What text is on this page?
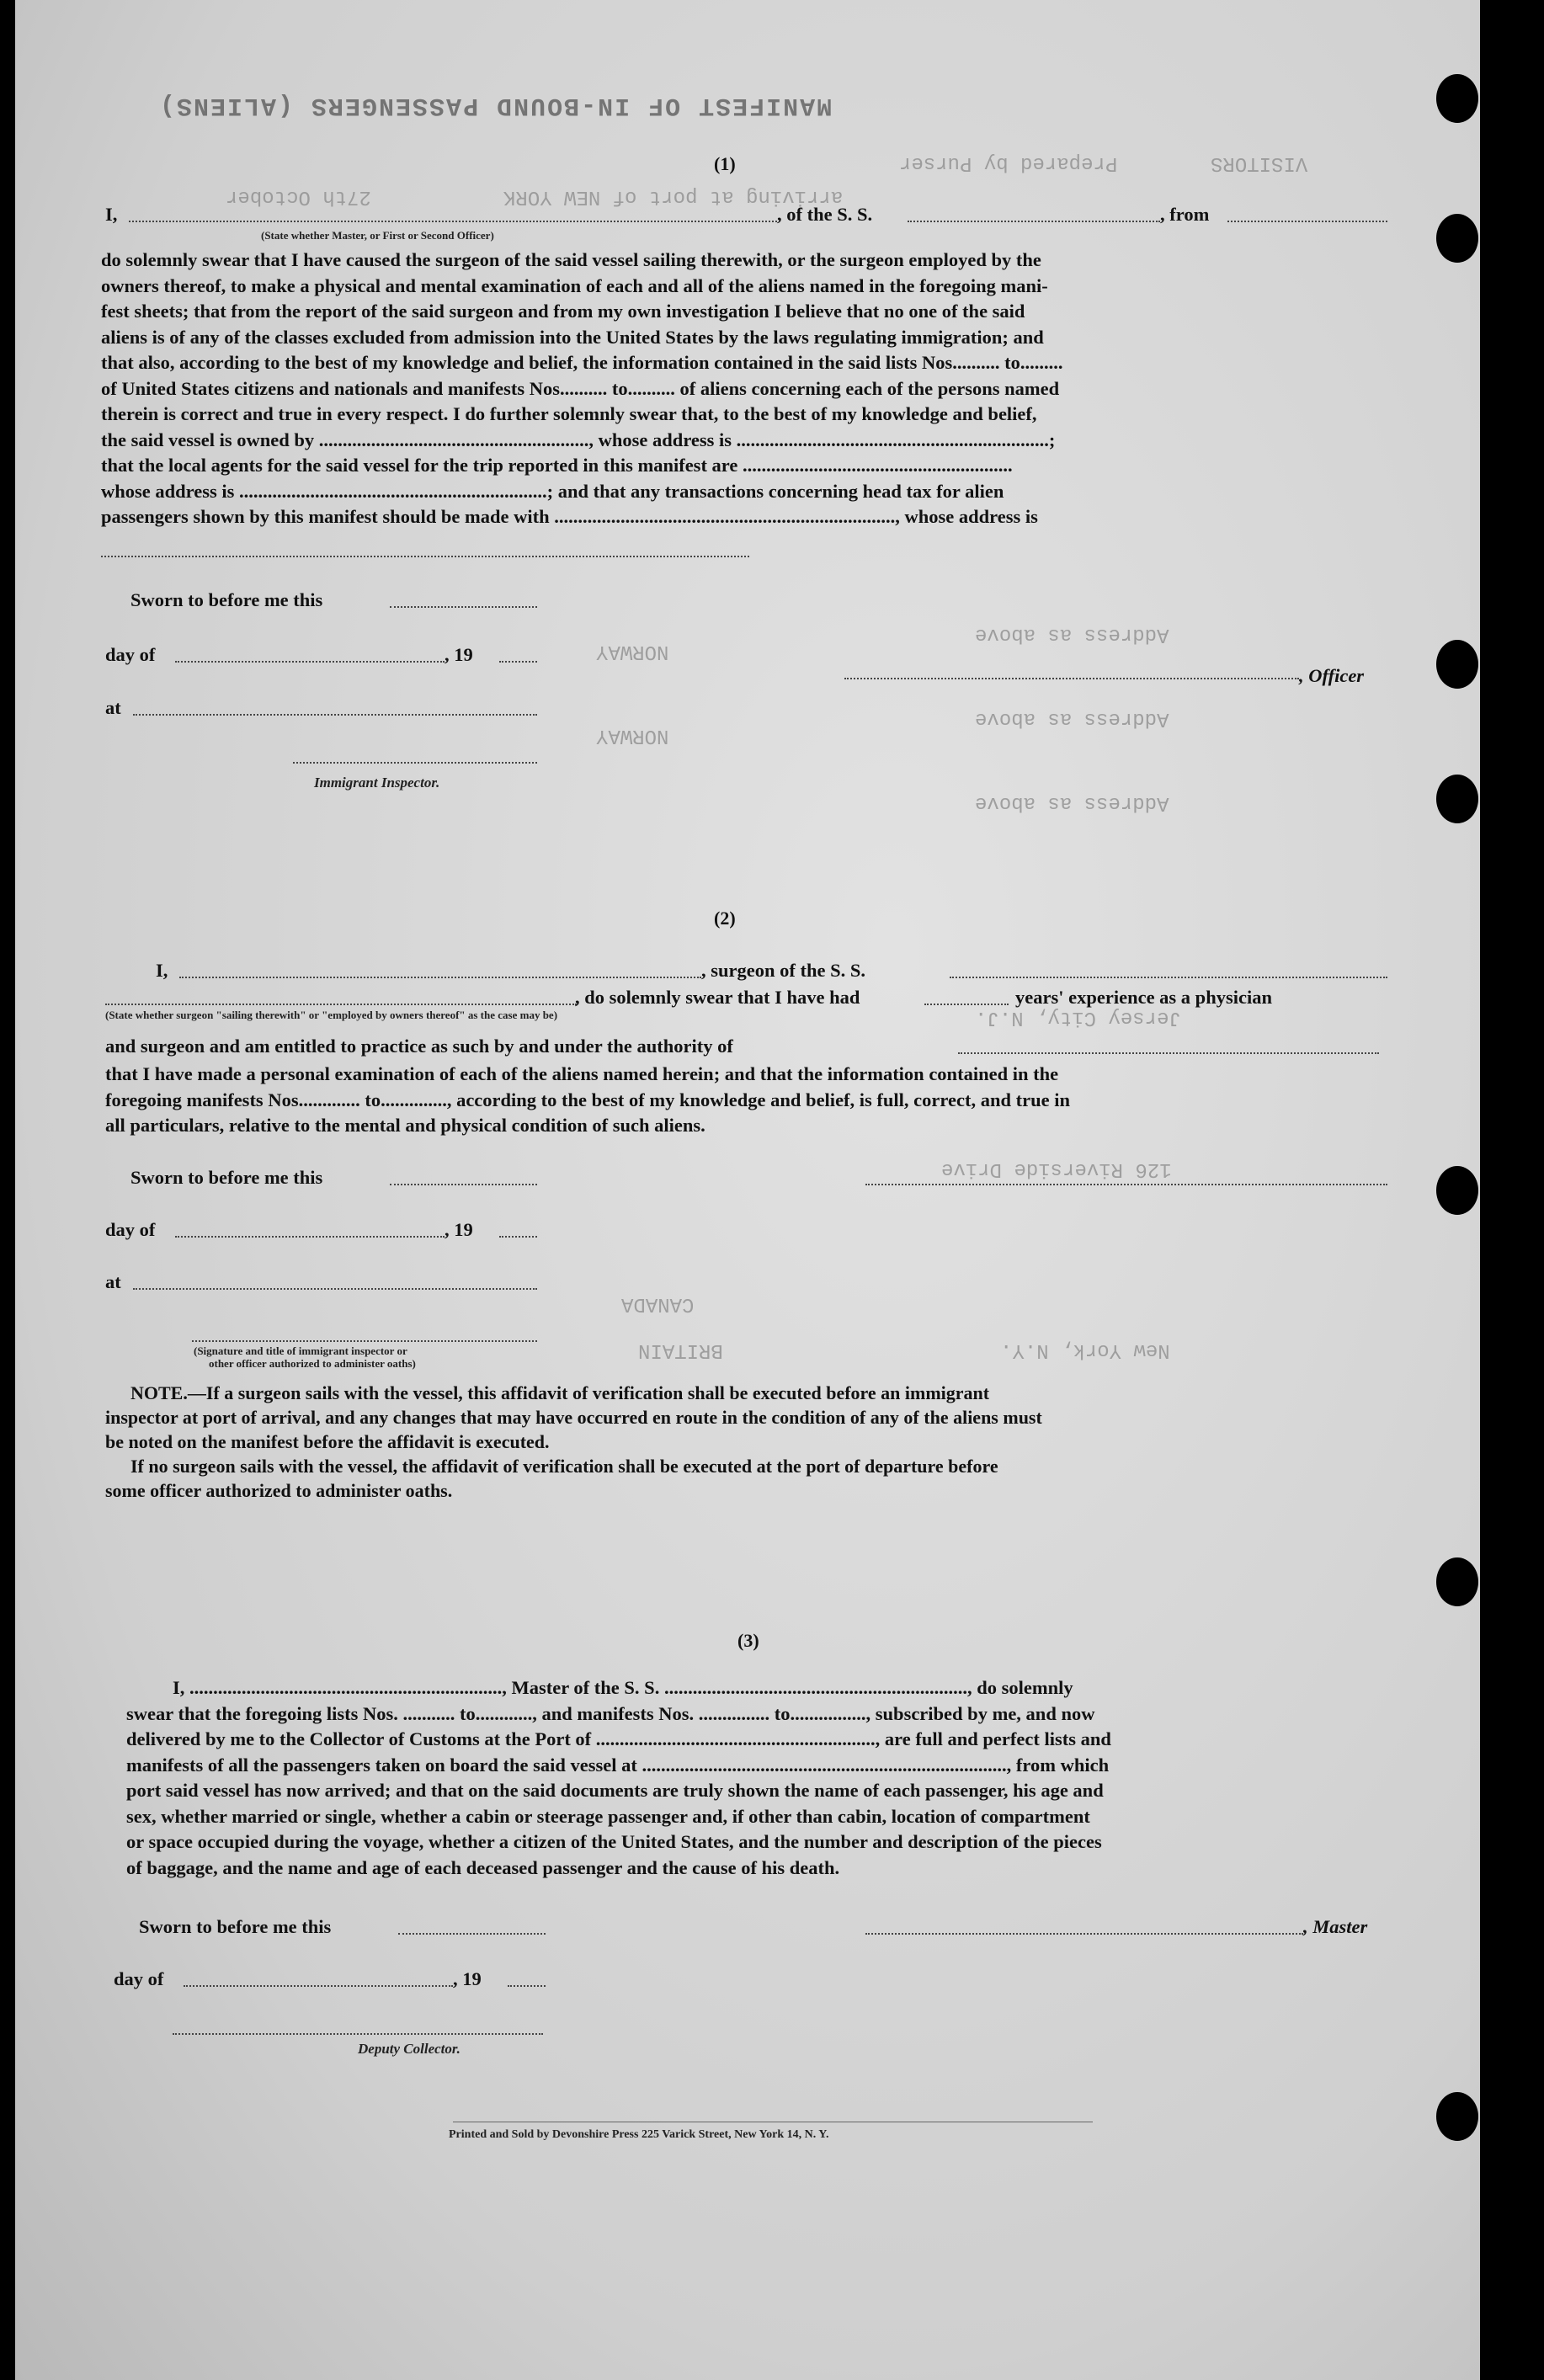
MANIFEST OF IN-BOUND PASSENGERS (ALIENS)
Prepared by Purser	VISITORS
arriving at port of NEW YORK
27th October
Address as above
NORWAY
Address as above
NORWAY
Jersey City, N.J.
Address as above
126 Riverside Drive
CANADA
New York, N.Y.
BRITAIN
(1)
I,	, of the S. S.	, from
(State whether Master, or First or Second Officer)
do solemnly swear that I have caused the surgeon of the said vessel sailing therewith, or the surgeon employed by the
owners thereof, to make a physical and mental examination of each and all of the aliens named in the foregoing mani-
fest sheets; that from the report of the said surgeon and from my own investigation I believe that no one of the said
aliens is of any of the classes excluded from admission into the United States by the laws regulating immigration; and
that also, according to the best of my knowledge and belief, the information contained in the said lists Nos.......... to.........
of United States citizens and nationals and manifests Nos.......... to.......... of aliens concerning each of the persons named
therein is correct and true in every respect. I do further solemnly swear that, to the best of my knowledge and belief,
the said vessel is owned by ........................................................., whose address is ..................................................................;
that the local agents for the said vessel for the trip reported in this manifest are .........................................................
whose address is .................................................................; and that any transactions concerning head tax for alien
passengers shown by this manifest should be made with ........................................................................, whose address is
Sworn to before me this
day of	, 19
, Officer
at
Immigrant Inspector.
(2)
I,	, surgeon of the S. S.
, do solemnly swear that I have had	years' experience as a physician
(State whether surgeon "sailing therewith" or "employed by owners thereof" as the case may be)
and surgeon and am entitled to practice as such by and under the authority of
that I have made a personal examination of each of the aliens named herein; and that the information contained in the
foregoing manifests Nos............. to.............., according to the best of my knowledge and belief, is full, correct, and true in
all particulars, relative to the mental and physical condition of such aliens.
Sworn to before me this
day of	, 19
at
(Signature and title of immigrant inspector or
other officer authorized to administer oaths)
NOTE.—If a surgeon sails with the vessel, this affidavit of verification shall be executed before an immigrant
inspector at port of arrival, and any changes that may have occurred en route in the condition of any of the aliens must
be noted on the manifest before the affidavit is executed.
If no surgeon sails with the vessel, the affidavit of verification shall be executed at the port of departure before
some officer authorized to administer oaths.
(3)
I, .................................................................., Master of the S. S. ................................................................, do solemnly
swear that the foregoing lists Nos. ........... to............, and manifests Nos. ............... to................, subscribed by me, and now
delivered by me to the Collector of Customs at the Port of ..........................................................., are full and perfect lists and
manifests of all the passengers taken on board the said vessel at ............................................................................., from which
port said vessel has now arrived; and that on the said documents are truly shown the name of each passenger, his age and
sex, whether married or single, whether a cabin or steerage passenger and, if other than cabin, location of compartment
or space occupied during the voyage, whether a citizen of the United States, and the number and description of the pieces
of baggage, and the name and age of each deceased passenger and the cause of his death.
Sworn to before me this	, Master
day of	, 19
Deputy Collector.
Printed and Sold by Devonshire Press 225 Varick Street, New York 14, N. Y.
